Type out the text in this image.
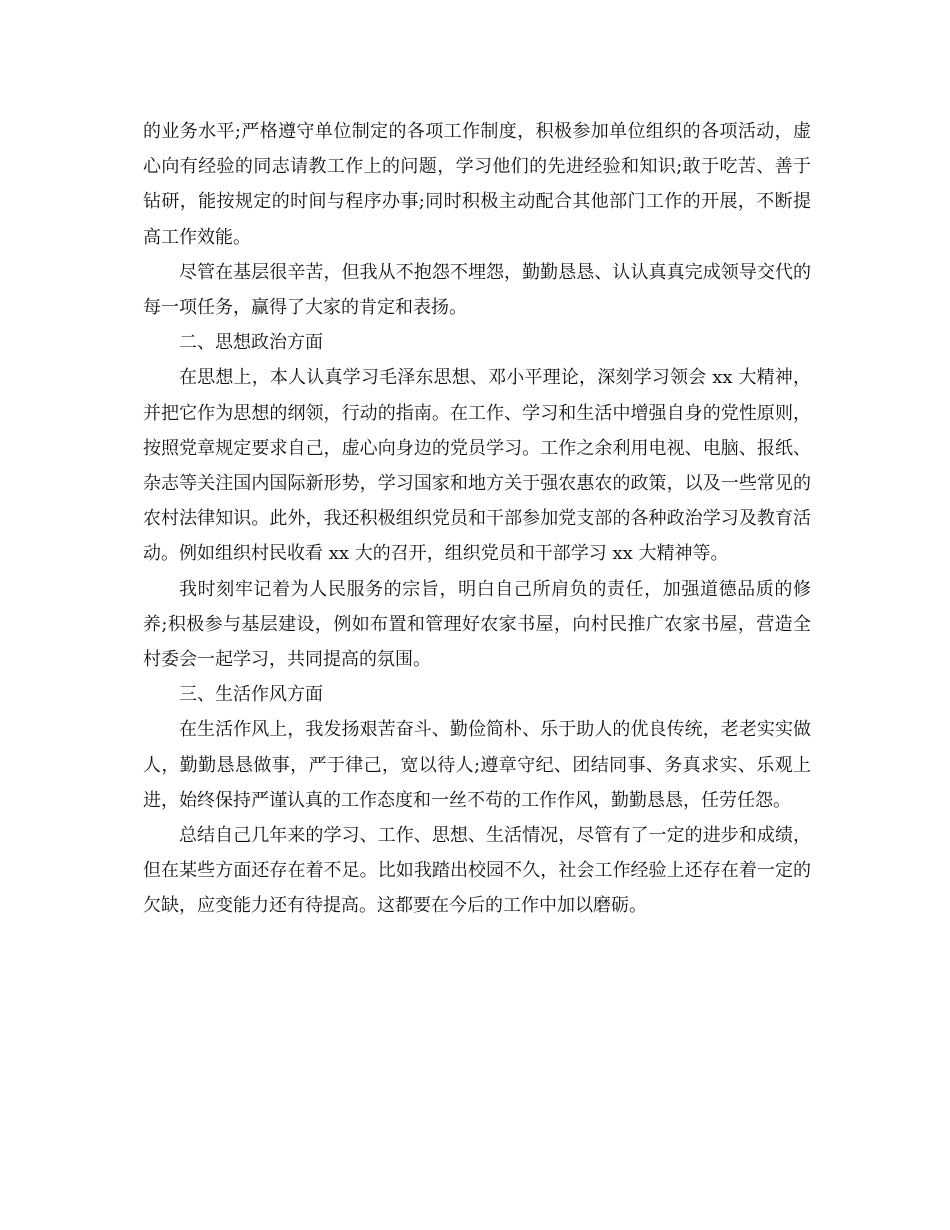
的业务水平;严格遵守单位制定的各项工作制度，积极参加单位组织的各项活动，虚心向有经验的同志请教工作上的问题，学习他们的先进经验和知识;敢于吃苦、善于钻研，能按规定的时间与程序办事;同时积极主动配合其他部门工作的开展，不断提高工作效能。

尽管在基层很辛苦，但我从不抱怨不埋怨，勤勤恳恳、认认真真完成领导交代的每一项任务，赢得了大家的肯定和表扬。

二、思想政治方面

在思想上，本人认真学习毛泽东思想、邓小平理论，深刻学习领会 xx 大精神，并把它作为思想的纲领，行动的指南。在工作、学习和生活中增强自身的党性原则，按照党章规定要求自己，虚心向身边的党员学习。工作之余利用电视、电脑、报纸、杂志等关注国内国际新形势，学习国家和地方关于强农惠农的政策，以及一些常见的农村法律知识。此外，我还积极组织党员和干部参加党支部的各种政治学习及教育活动。例如组织村民收看 xx 大的召开，组织党员和干部学习 xx 大精神等。

我时刻牢记着为人民服务的宗旨，明白自己所肩负的责任，加强道德品质的修养;积极参与基层建设，例如布置和管理好农家书屋，向村民推广农家书屋，营造全村委会一起学习，共同提高的氛围。

三、生活作风方面

在生活作风上，我发扬艰苦奋斗、勤俭简朴、乐于助人的优良传统，老老实实做人，勤勤恳恳做事，严于律己，宽以待人;遵章守纪、团结同事、务真求实、乐观上进，始终保持严谨认真的工作态度和一丝不苟的工作作风，勤勤恳恳，任劳任怨。

总结自己几年来的学习、工作、思想、生活情况，尽管有了一定的进步和成绩，但在某些方面还存在着不足。比如我踏出校园不久，社会工作经验上还存在着一定的欠缺，应变能力还有待提高。这都要在今后的工作中加以磨砺。
